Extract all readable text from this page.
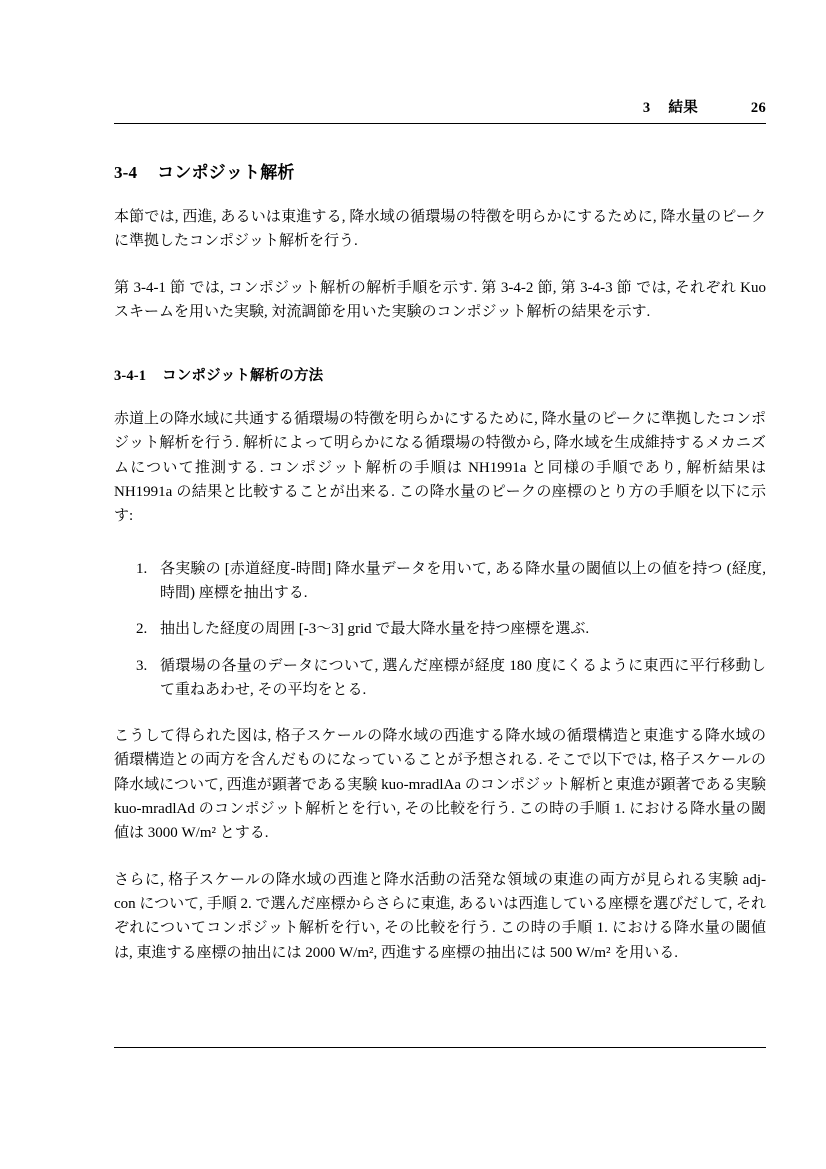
3 結果	26
3-4 コンポジット解析

本節では, 西進, あるいは東進する, 降水域の循環場の特徴を明らかにするために, 降水量のピークに準拠したコンポジット解析を行う.

第 3-4-1 節 では, コンポジット解析の解析手順を示す. 第 3-4-2 節, 第 3-4-3 節 では, それぞれ Kuo スキームを用いた実験, 対流調節を用いた実験のコンポジット解析の結果を示す.

3-4-1 コンポジット解析の方法

赤道上の降水域に共通する循環場の特徴を明らかにするために, 降水量のピークに準拠したコンポジット解析を行う. 解析によって明らかになる循環場の特徴から, 降水域を生成維持するメカニズムについて推測する. コンポジット解析の手順は NH1991a と同様の手順であり, 解析結果は NH1991a の結果と比較することが出来る. この降水量のピークの座標のとり方の手順を以下に示す:

各実験の [赤道経度-時間] 降水量データを用いて, ある降水量の閾値以上の値を持つ (経度, 時間) 座標を抽出する.
抽出した経度の周囲 [-3〜3] grid で最大降水量を持つ座標を選ぶ.
循環場の各量のデータについて, 選んだ座標が経度 180 度にくるように東西に平行移動して重ねあわせ, その平均をとる.

こうして得られた図は, 格子スケールの降水域の西進する降水域の循環構造と東進する降水域の循環構造との両方を含んだものになっていることが予想される. そこで以下では, 格子スケールの降水域について, 西進が顕著である実験 kuo-mradlAa のコンポジット解析と東進が顕著である実験 kuo-mradlAd のコンポジット解析とを行い, その比較を行う. この時の手順 1. における降水量の閾値は 3000 W/m² とする.

さらに, 格子スケールの降水域の西進と降水活動の活発な領域の東進の両方が見られる実験 adj-con について, 手順 2. で選んだ座標からさらに東進, あるいは西進している座標を選びだして, それぞれについてコンポジット解析を行い, その比較を行う. この時の手順 1. における降水量の閾値は, 東進する座標の抽出には 2000 W/m², 西進する座標の抽出には 500 W/m² を用いる.
